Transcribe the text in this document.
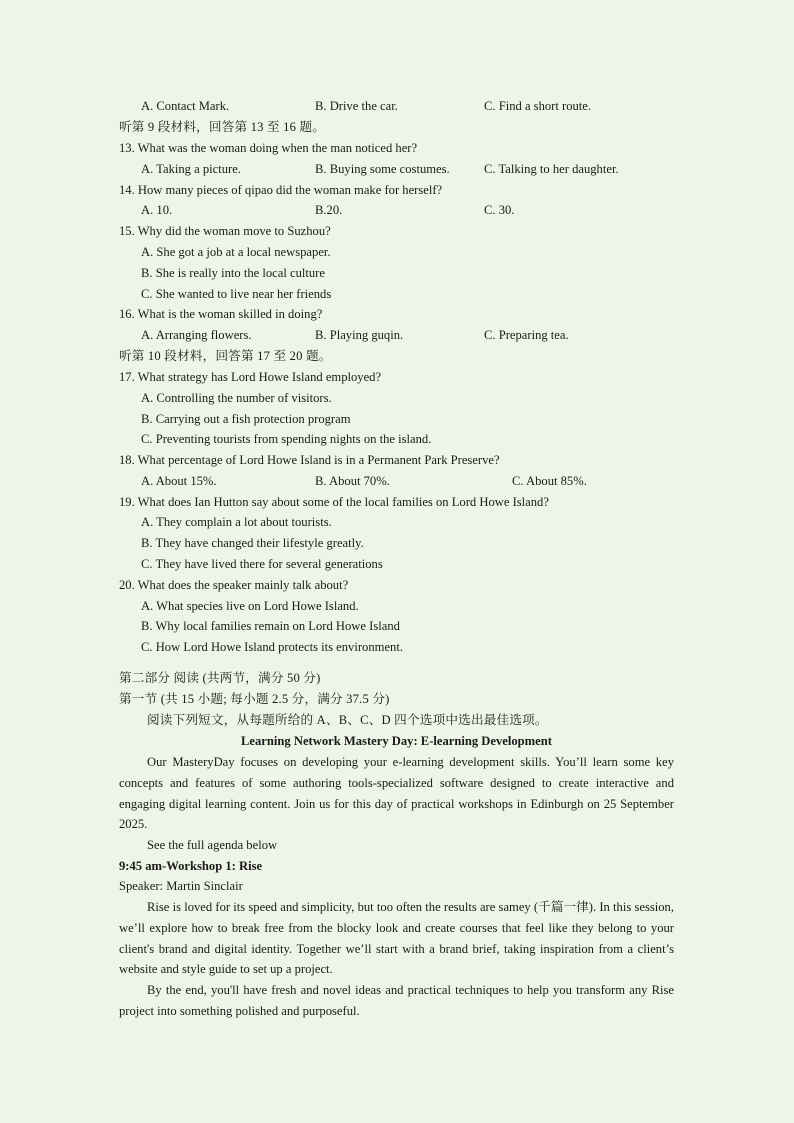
A. Contact Mark.	B. Drive the car.	C. Find a short route.
听第 9 段材料，回答第 13 至 16 题。
13. What was the woman doing when the man noticed her?
A. Taking a picture.	B. Buying some costumes.	C. Talking to her daughter.
14. How many pieces of qipao did the woman make for herself?
A. 10.	B.20.	C. 30.
15. Why did the woman move to Suzhou?
A. She got a job at a local newspaper.
B. She is really into the local culture
C. She wanted to live near her friends
16. What is the woman skilled in doing?
A. Arranging flowers.	B. Playing guqin.	C. Preparing tea.
听第 10 段材料，回答第 17 至 20 题。
17. What strategy has Lord Howe Island employed?
A. Controlling the number of visitors.
B. Carrying out a fish protection program
C. Preventing tourists from spending nights on the island.
18. What percentage of Lord Howe Island is in a Permanent Park Preserve?
A. About 15%.	B. About 70%.	C. About 85%.
19. What does Ian Hutton say about some of the local families on Lord Howe Island?
A. They complain a lot about tourists.
B. They have changed their lifestyle greatly.
C. They have lived there for several generations
20. What does the speaker mainly talk about?
A. What species live on Lord Howe Island.
B. Why local families remain on Lord Howe Island
C. How Lord Howe Island protects its environment.
第二部分 阅读 (共两节，满分 50 分)
第一节 (共 15 小题; 每小题 2.5 分，满分 37.5 分)
阅读下列短文，从每题所给的 A、B、C、D 四个选项中选出最佳选项。
Learning Network Mastery Day: E-learning Development

Our MasteryDay focuses on developing your e-learning development skills. You’ll learn some key concepts and features of some authoring tools-specialized software designed to create interactive and engaging digital learning content. Join us for this day of practical workshops in Edinburgh on 25 September 2025.

See the full agenda below
9:45 am-Workshop 1: Rise
Speaker: Martin Sinclair

Rise is loved for its speed and simplicity, but too often the results are samey (千篇一律). In this session, we’ll explore how to break free from the blocky look and create courses that feel like they belong to your client's brand and digital identity. Together we’ll start with a brand brief, taking inspiration from a client’s website and style guide to set up a project.

By the end, you'll have fresh and novel ideas and practical techniques to help you transform any Rise project into something polished and purposeful.
